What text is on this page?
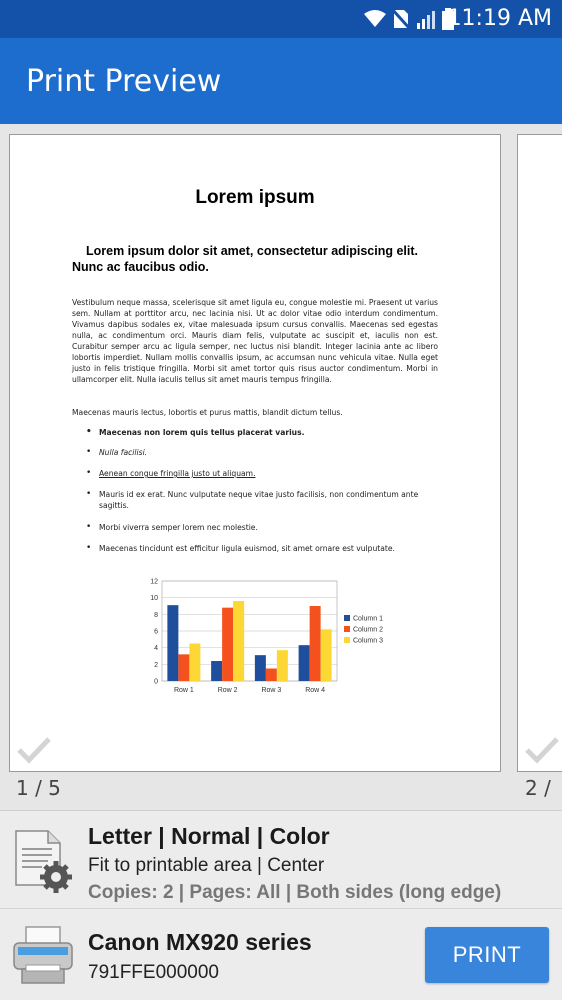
11:19 AM
Print Preview
Lorem ipsum
Lorem ipsum dolor sit amet, consectetur adipiscing elit. Nunc ac faucibus odio.
Vestibulum neque massa, scelerisque sit amet ligula eu, congue molestie mi. Praesent ut varius sem. Nullam at porttitor arcu, nec lacinia nisi. Ut ac dolor vitae odio interdum condimentum. Vivamus dapibus sodales ex, vitae malesuada ipsum cursus convallis. Maecenas sed egestas nulla, ac condimentum orci. Mauris diam felis, vulputate ac suscipit et, iaculis non est. Curabitur semper arcu ac ligula semper, nec luctus nisi blandit. Integer lacinia ante ac libero lobortis imperdiet. Nullam mollis convallis ipsum, ac accumsan nunc vehicula vitae. Nulla eget justo in felis tristique fringilla. Morbi sit amet tortor quis risus auctor condimentum. Morbi in ullamcorper elit. Nulla iaculis tellus sit amet mauris tempus fringilla.
Maecenas mauris lectus, lobortis et purus mattis, blandit dictum tellus.
• Maecenas non lorem quis tellus placerat varius.
• Nulla facilisi.
• Aenean congue fringilla justo ut aliquam.
• Mauris id ex erat. Nunc vulputate neque vitae justo facilisis, non condimentum ante sagittis.
• Morbi viverra semper lorem nec molestie.
• Maecenas tincidunt est efficitur ligula euismod, sit amet ornare est vulputate.
0
2
4
6
8
10
12
Row 1	Row 2	Row 3	Row 4
Column 1
Column 2
Column 3
1 / 5	2 /
Letter | Normal | Color
Fit to printable area | Center
Copies: 2 | Pages: All | Both sides (long edge)
Canon MX920 series
791FFE000000
PRINT
